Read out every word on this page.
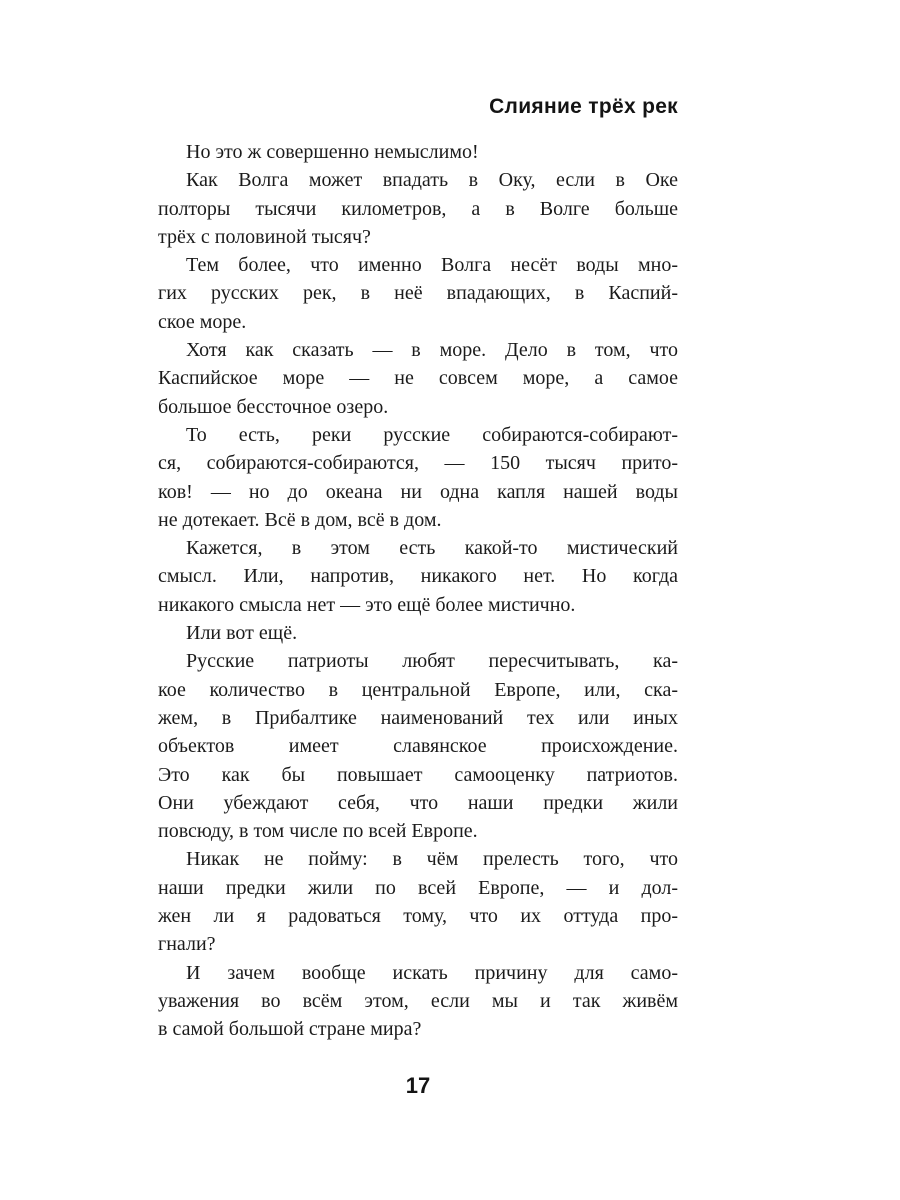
Слияние трёх рек
Но это ж совершенно немыслимо!
Как Волга может впадать в Оку, если в Оке
полторы тысячи километров, а в Волге больше
трёх с половиной тысяч?
Тем более, что именно Волга несёт воды мно-
гих русских рек, в неё впадающих, в Каспий-
ское море.
Хотя как сказать — в море. Дело в том, что
Каспийское море — не совсем море, а самое
большое бессточное озеро.
То есть, реки русские собираются-собирают-
ся, собираются-собираются, — 150 тысяч прито-
ков! — но до океана ни одна капля нашей воды
не дотекает. Всё в дом, всё в дом.
Кажется, в этом есть какой-то мистический
смысл. Или, напротив, никакого нет. Но когда
никакого смысла нет — это ещё более мистично.
Или вот ещё.
Русские патриоты любят пересчитывать, ка-
кое количество в центральной Европе, или, ска-
жем, в Прибалтике наименований тех или иных
объектов имеет славянское происхождение.
Это как бы повышает самооценку патриотов.
Они убеждают себя, что наши предки жили
повсюду, в том числе по всей Европе.
Никак не пойму: в чём прелесть того, что
наши предки жили по всей Европе, — и дол-
жен ли я радоваться тому, что их оттуда про-
гнали?
И зачем вообще искать причину для само-
уважения во всём этом, если мы и так живём
в самой большой стране мира?
17
